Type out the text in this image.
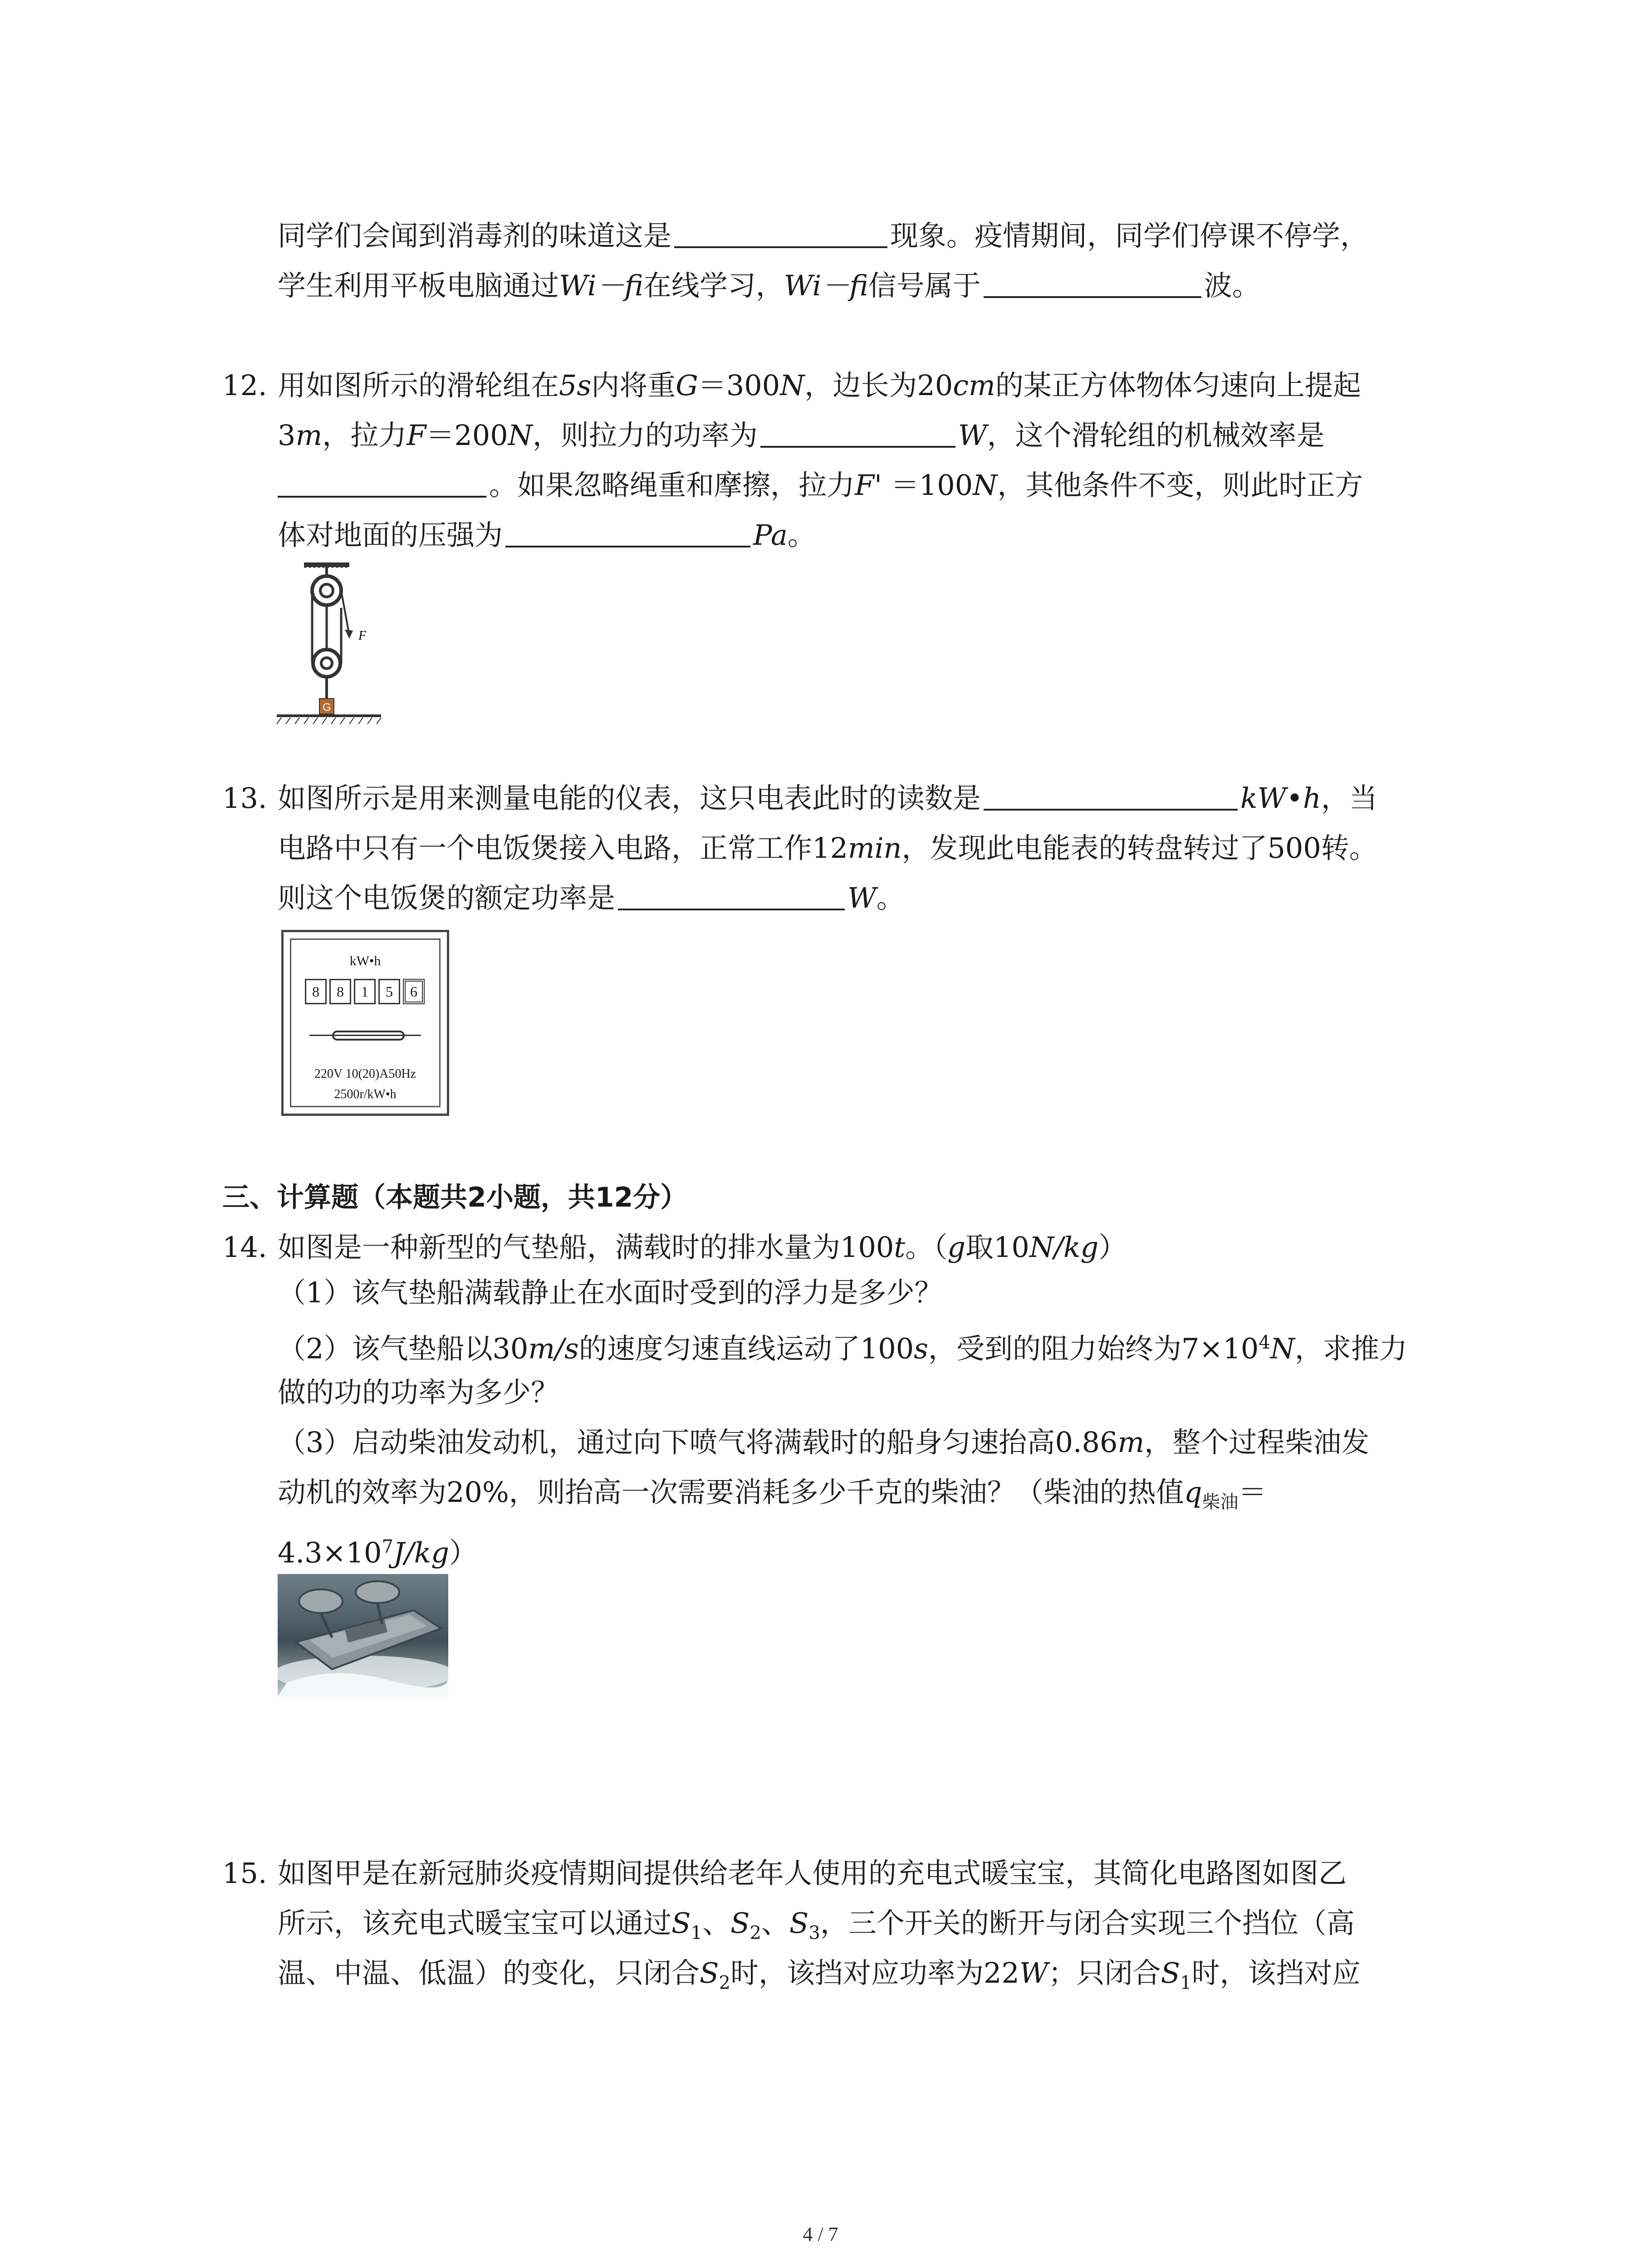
同学们会闻到消毒剂的味道这是	现象。疫情期间，同学们停课不停学，
学生利用平板电脑通过Wi－fi在线学习，Wi－fi信号属于	波。
12. 用如图所示的滑轮组在5s内将重G＝300N，边长为20cm的某正方体物体匀速向上提起
3m，拉力F＝200N，则拉力的功率为	W，这个滑轮组的机械效率是
。如果忽略绳重和摩擦，拉力F' ＝100N，其他条件不变，则此时正方
体对地面的压强为	Pa。
F
G
13. 如图所示是用来测量电能的仪表，这只电表此时的读数是	kW•h，当
电路中只有一个电饭煲接入电路，正常工作12min，发现此电能表的转盘转过了500转。
则这个电饭煲的额定功率是	W。
kW•h
8	8	1	5	6
220V 10(20)A50Hz
2500r/kW•h
三、计算题（本题共2小题，共12分）
14. 如图是一种新型的气垫船，满载时的排水量为100t。（g取10N/kg）
（1）该气垫船满载静止在水面时受到的浮力是多少？
（2）该气垫船以30m/s的速度匀速直线运动了100s，受到的阻力始终为$7\times 10^4N$，求推力
做的功的功率为多少？
（3）启动柴油发动机，通过向下喷气将满载时的船身匀速抬高0.86m，整个过程柴油发
动机的效率为20%，则抬高一次需要消耗多少千克的柴油？（柴油的热值$q_{柴油}=$
$4.3\times 10^7J/kg$）
15. 如图甲是在新冠肺炎疫情期间提供给老年人使用的充电式暖宝宝，其简化电路图如图乙
所示，该充电式暖宝宝可以通过$S_1$、$S_2$、$S_3$，三个开关的断开与闭合实现三个挡位（高
温、中温、低温）的变化，只闭合$S_2$时，该挡对应功率为22W；只闭合$S_1$时，该挡对应
4 / 7
